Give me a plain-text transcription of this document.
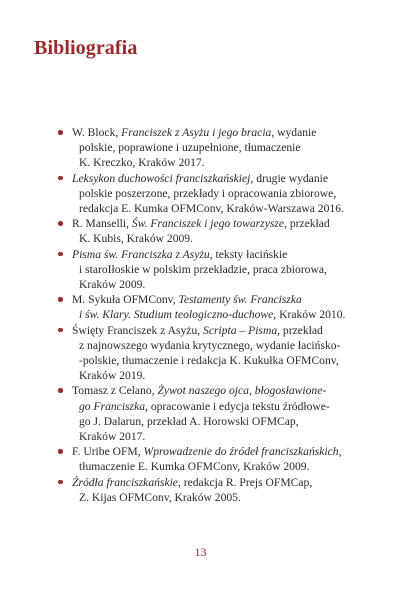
Bibliografia
W. Block, Franciszek z Asyżu i jego bracia, wydanie
polskie, poprawione i uzupełnione, tłumaczenie
K. Kreczko, Kraków 2017.
Leksykon duchowości franciszkańskiej, drugie wydanie
polskie poszerzone, przekłady i opracowania zbiorowe,
redakcja E. Kumka OFMConv, Kraków-Warszawa 2016.
R. Manselli, Św. Franciszek i jego towarzysze, przekład
K. Kubis, Kraków 2009.
Pisma św. Franciszka z Asyżu, teksty łacińskie
i staroIłoskie w polskim przekładzie, praca zbiorowa,
Kraków 2009.
M. Sykuła OFMConv, Testamenty św. Franciszka
i św. Klary. Studium teologiczno-duchowe, Kraków 2010.
Święty Franciszek z Asyżu, Scripta – Pisma, przekład
z najnowszego wydania krytycznego, wydanie łacińsko-
-polskie, tłumaczenie i redakcja K. Kukułka OFMConv,
Kraków 2019.
Tomasz z Celano, Żywot naszego ojca, błogosławione-
go Franciszka, opracowanie i edycja tekstu źródłowe-
go J. Dalarun, przekład A. Horowski OFMCap,
Kraków 2017.
F. Uribe OFM, Wprowadzenie do źródeł franciszkańskich,
tłumaczenie E. Kumka OFMConv, Kraków 2009.
Źródła franciszkańskie, redakcja R. Prejs OFMCap,
Z. Kijas OFMConv, Kraków 2005.
13
